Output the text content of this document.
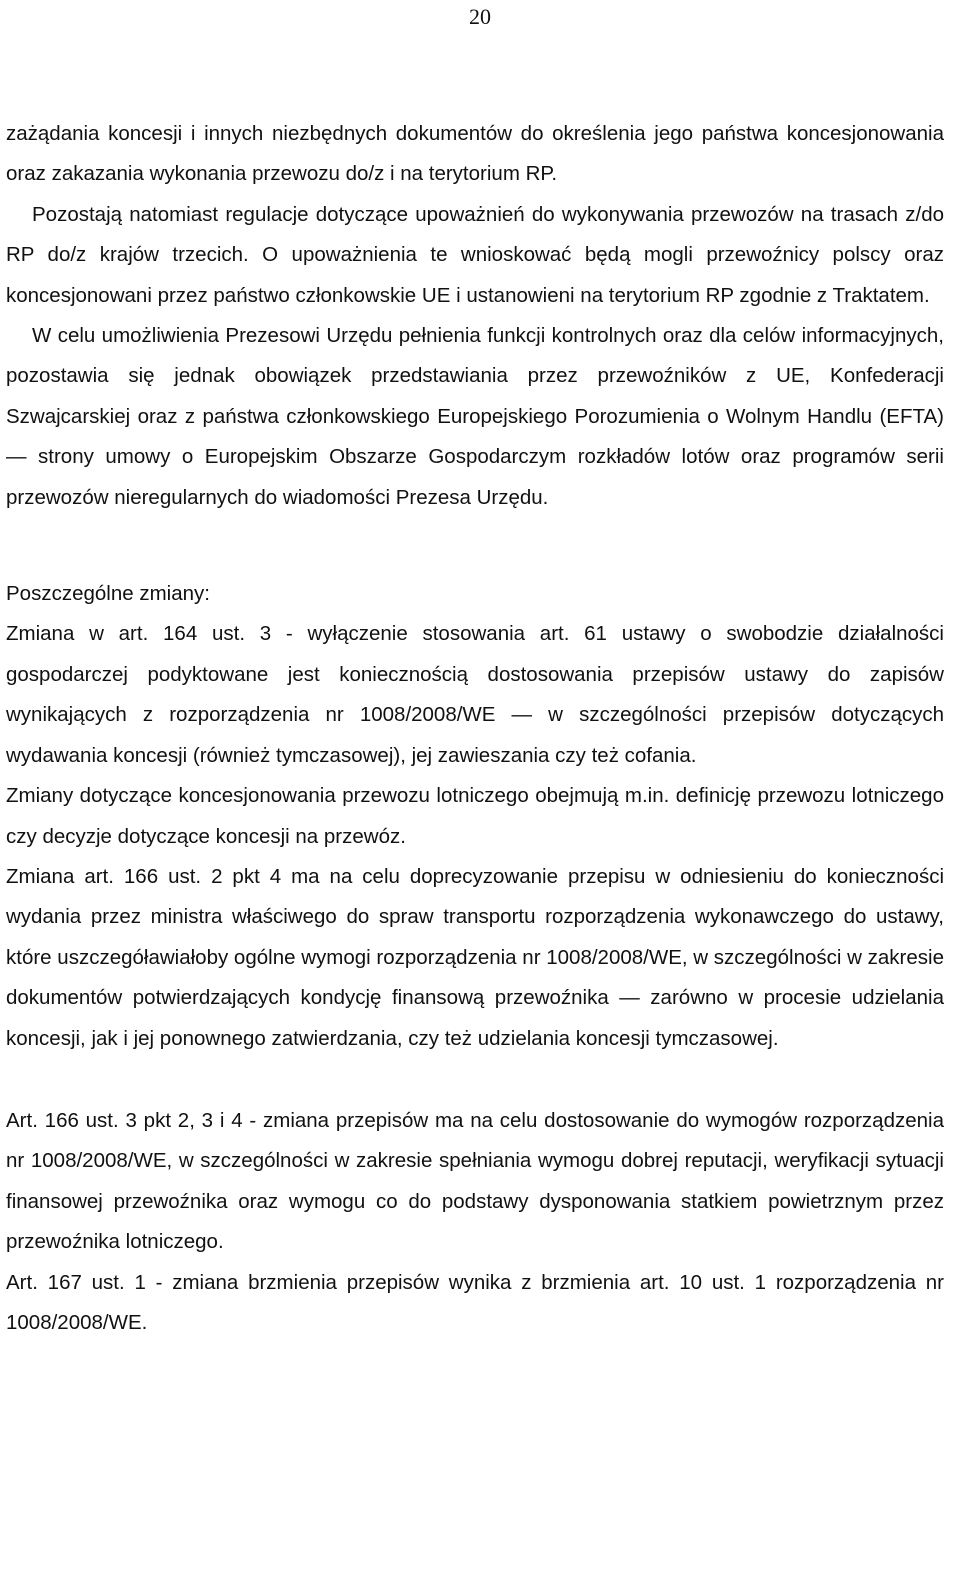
20

zażądania koncesji i innych niezbędnych dokumentów do określenia jego państwa koncesjonowania oraz zakazania wykonania przewozu do/z i na terytorium RP.

Pozostają natomiast regulacje dotyczące upoważnień do wykonywania przewozów na trasach z/do RP do/z krajów trzecich. O upoważnienia te wnioskować będą mogli przewoźnicy polscy oraz koncesjonowani przez państwo członkowskie UE i ustanowieni na terytorium RP zgodnie z Traktatem.

W celu umożliwienia Prezesowi Urzędu pełnienia funkcji kontrolnych oraz dla celów informacyjnych, pozostawia się jednak obowiązek przedstawiania przez przewoźników z UE, Konfederacji Szwajcarskiej oraz z państwa członkowskiego Europejskiego Porozumienia o Wolnym Handlu (EFTA) — strony umowy o Europejskim Obszarze Gospodarczym rozkładów lotów oraz programów serii przewozów nieregularnych do wiadomości Prezesa Urzędu.

Poszczególne zmiany:

Zmiana w art. 164 ust. 3 - wyłączenie stosowania art. 61 ustawy o swobodzie działalności gospodarczej podyktowane jest koniecznością dostosowania przepisów ustawy do zapisów wynikających z rozporządzenia nr 1008/2008/WE — w szczególności przepisów dotyczących wydawania koncesji (również tymczasowej), jej zawieszania czy też cofania.

Zmiany dotyczące koncesjonowania przewozu lotniczego obejmują m.in. definicję przewozu lotniczego czy decyzje dotyczące koncesji na przewóz.

Zmiana art. 166 ust. 2 pkt 4 ma na celu doprecyzowanie przepisu w odniesieniu do konieczności wydania przez ministra właściwego do spraw transportu rozporządzenia wykonawczego do ustawy, które uszczegóławiałoby ogólne wymogi rozporządzenia nr 1008/2008/WE, w szczególności w zakresie dokumentów potwierdzających kondycję finansową przewoźnika — zarówno w procesie udzielania koncesji, jak i jej ponownego zatwierdzania, czy też udzielania koncesji tymczasowej.

Art. 166 ust. 3 pkt 2, 3 i 4 - zmiana przepisów ma na celu dostosowanie do wymogów rozporządzenia nr 1008/2008/WE, w szczególności w zakresie spełniania wymogu dobrej reputacji, weryfikacji sytuacji finansowej przewoźnika oraz wymogu co do podstawy dysponowania statkiem powietrznym przez przewoźnika lotniczego.

Art. 167 ust. 1 - zmiana brzmienia przepisów wynika z brzmienia art. 10 ust. 1 rozporządzenia nr 1008/2008/WE.
